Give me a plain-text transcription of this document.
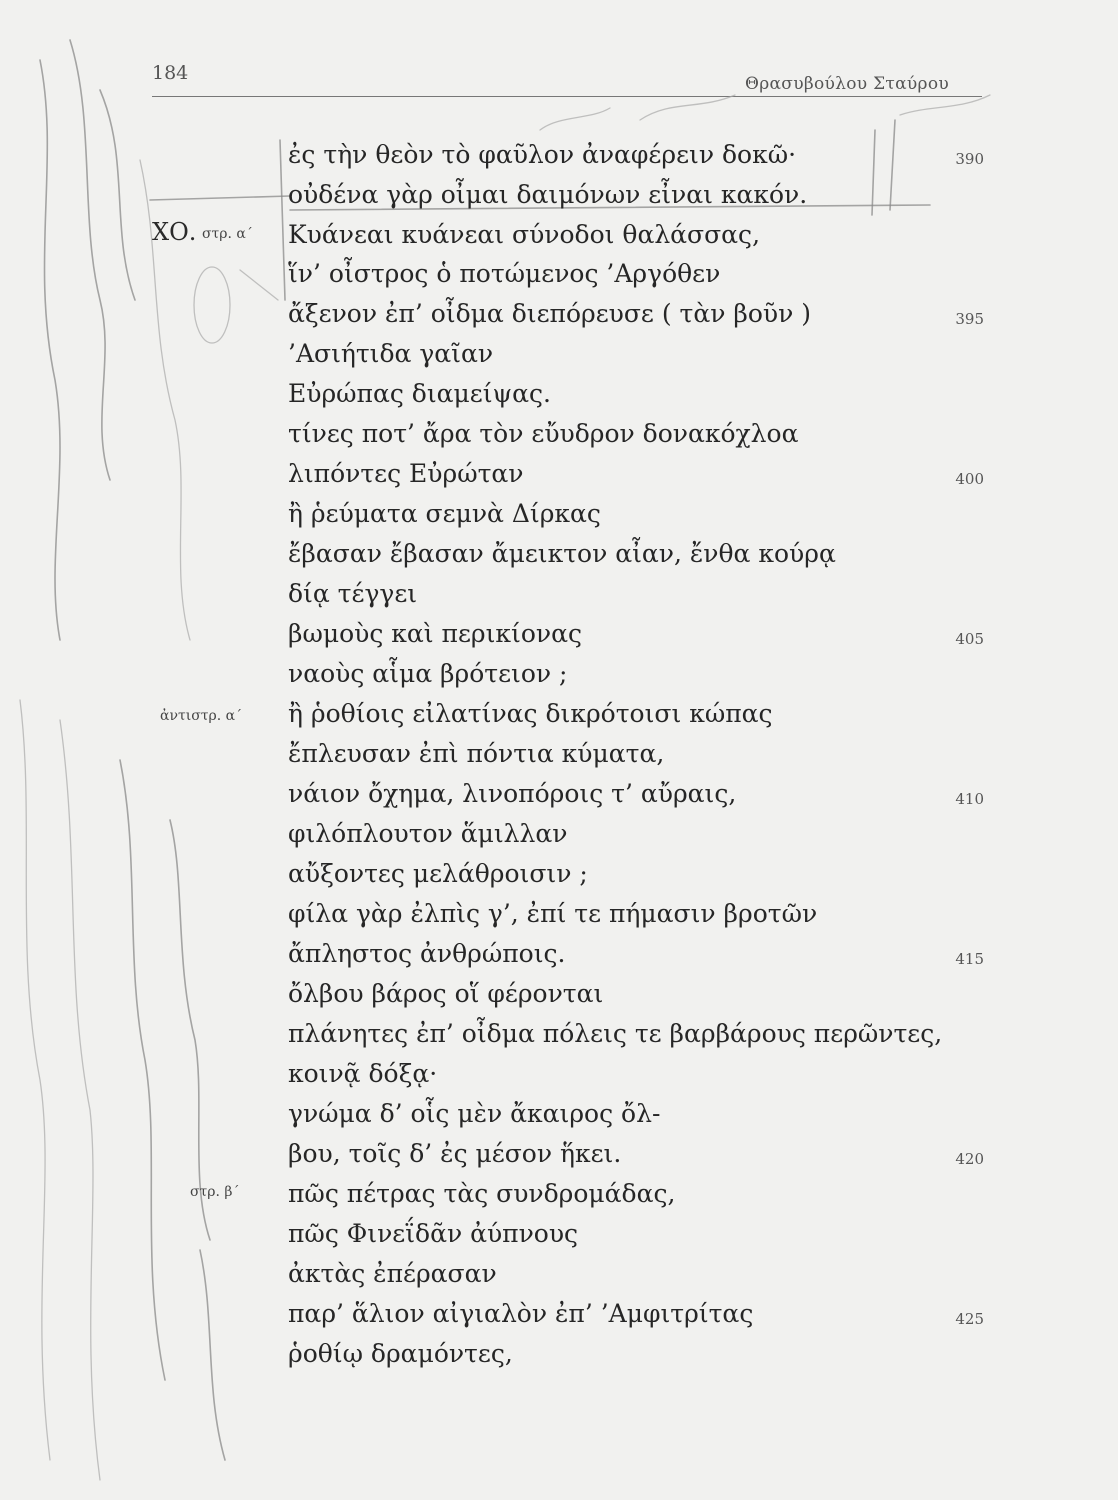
184	Θρασυβούλου Σταύρου
ΧΟ. στρ. α΄
ἀντιστρ. α΄
στρ. β΄
ἐς τὴν θεὸν τὸ φαῦλον ἀναφέρειν δοκῶ·
οὐδένα γὰρ οἶμαι δαιμόνων εἶναι κακόν.
Κυάνεαι κυάνεαι σύνοδοι θαλάσσας,
ἵν’ οἶστρος ὁ ποτώμενος ’Αργόθεν
ἄξενον ἐπ’ οἶδμα διεπόρευσε ( τὰν βοῦν )
’Ασιήτιδα γαῖαν
Εὐρώπας διαμείψας.
τίνες ποτ’ ἄρα τὸν εὔυδρον δονακόχλοα
λιπόντες Εὐρώταν
ἢ ῥεύματα σεμνὰ Δίρκας
ἔβασαν ἔβασαν ἄμεικτον αἶαν, ἔνθα κούρᾳ
δίᾳ τέγγει
βωμοὺς καὶ περικίονας
ναοὺς αἷμα βρότειον ;
ἢ ῥοθίοις εἰλατίνας δικρότοισι κώπας
ἔπλευσαν ἐπὶ πόντια κύματα,
νάιον ὄχημα, λινοπόροις τ’ αὔραις,
φιλόπλουτον ἅμιλλαν
αὔξοντες μελάθροισιν ;
φίλα γὰρ ἐλπὶς γ’, ἐπί τε πήμασιν βροτῶν
ἄπληστος ἀνθρώποις.
ὄλβου βάρος οἵ φέρονται
πλάνητες ἐπ’ οἶδμα πόλεις τε βαρβάρους περῶντες,
κοινᾷ δόξᾳ·
γνώμα δ’ οἷς μὲν ἄκαιρος ὄλ-
βου, τοῖς δ’ ἐς μέσον ἥκει.
πῶς πέτρας τὰς συνδρομάδας,
πῶς Φινεΐδᾶν ἀύπνους
ἀκτὰς ἐπέρασαν
παρ’ ἅλιον αἰγιαλὸν ἐπ’ ’Αμφιτρίτας
ῥοθίῳ δραμόντες,
390
395
400
405
410
415
420
425
